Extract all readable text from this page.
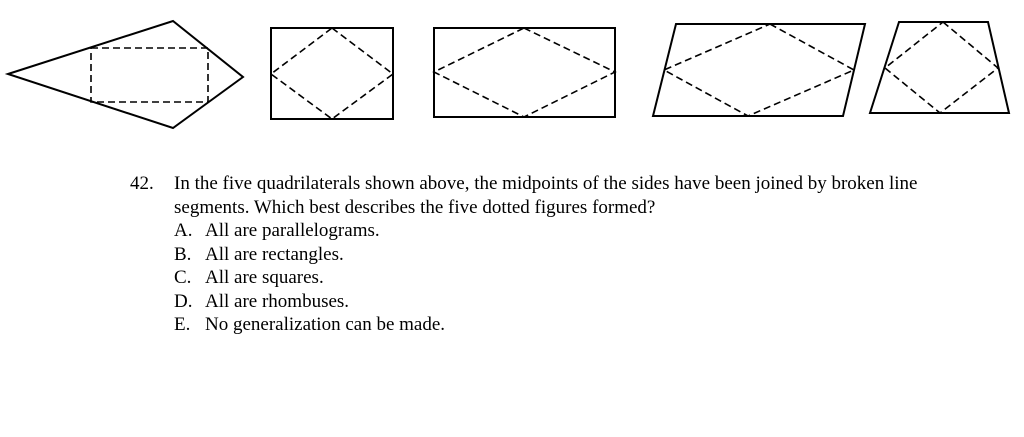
42.	In the five quadrilaterals shown above, the midpoints of the sides have been joined by broken line segments. Which best describes the five dotted figures formed?
A. All are parallelograms.
B. All are rectangles.
C. All are squares.
D. All are rhombuses.
E. No generalization can be made.
